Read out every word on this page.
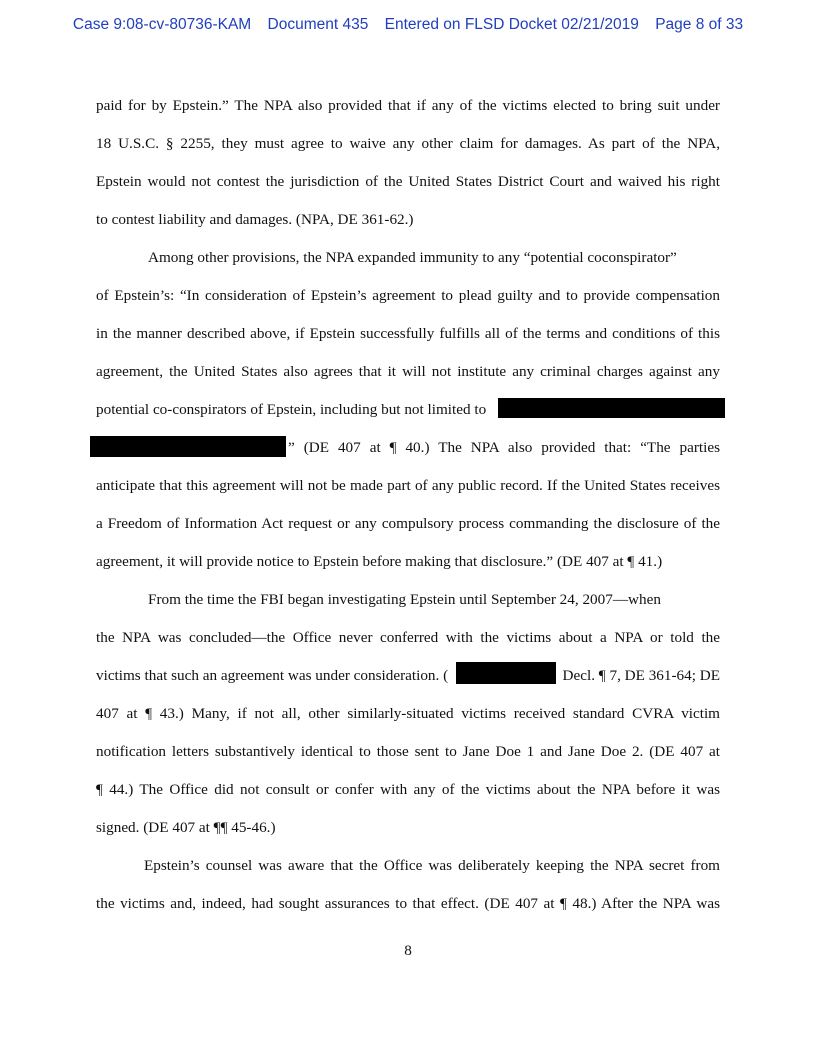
Case 9:08-cv-80736-KAM Document 435 Entered on FLSD Docket 02/21/2019 Page 8 of 33
paid for by Epstein.” The NPA also provided that if any of the victims elected to bring suit under
18 U.S.C. § 2255, they must agree to waive any other claim for damages. As part of the NPA,
Epstein would not contest the jurisdiction of the United States District Court and waived his right
to contest liability and damages. (NPA, DE 361-62.)
Among other provisions, the NPA expanded immunity to any “potential coconspirator”
of Epstein’s: “In consideration of Epstein’s agreement to plead guilty and to provide compensation
in the manner described above, if Epstein successfully fulfills all of the terms and conditions of this
agreement, the United States also agrees that it will not institute any criminal charges against any
potential co-conspirators of Epstein, including but not limited to
” (DE 407 at ¶ 40.) The NPA also provided that: “The parties
anticipate that this agreement will not be made part of any public record. If the United States receives
a Freedom of Information Act request or any compulsory process commanding the disclosure of the
agreement, it will provide notice to Epstein before making that disclosure.” (DE 407 at ¶ 41.)
From the time the FBI began investigating Epstein until September 24, 2007—when
the NPA was concluded—the Office never conferred with the victims about a NPA or told the
victims that such an agreement was under consideration. (	Decl. ¶ 7, DE 361-64; DE
407 at ¶ 43.) Many, if not all, other similarly-situated victims received standard CVRA victim
notification letters substantively identical to those sent to Jane Doe 1 and Jane Doe 2. (DE 407 at
¶ 44.) The Office did not consult or confer with any of the victims about the NPA before it was
signed. (DE 407 at ¶¶ 45-46.)
Epstein’s counsel was aware that the Office was deliberately keeping the NPA secret from
the victims and, indeed, had sought assurances to that effect. (DE 407 at ¶ 48.) After the NPA was
8
